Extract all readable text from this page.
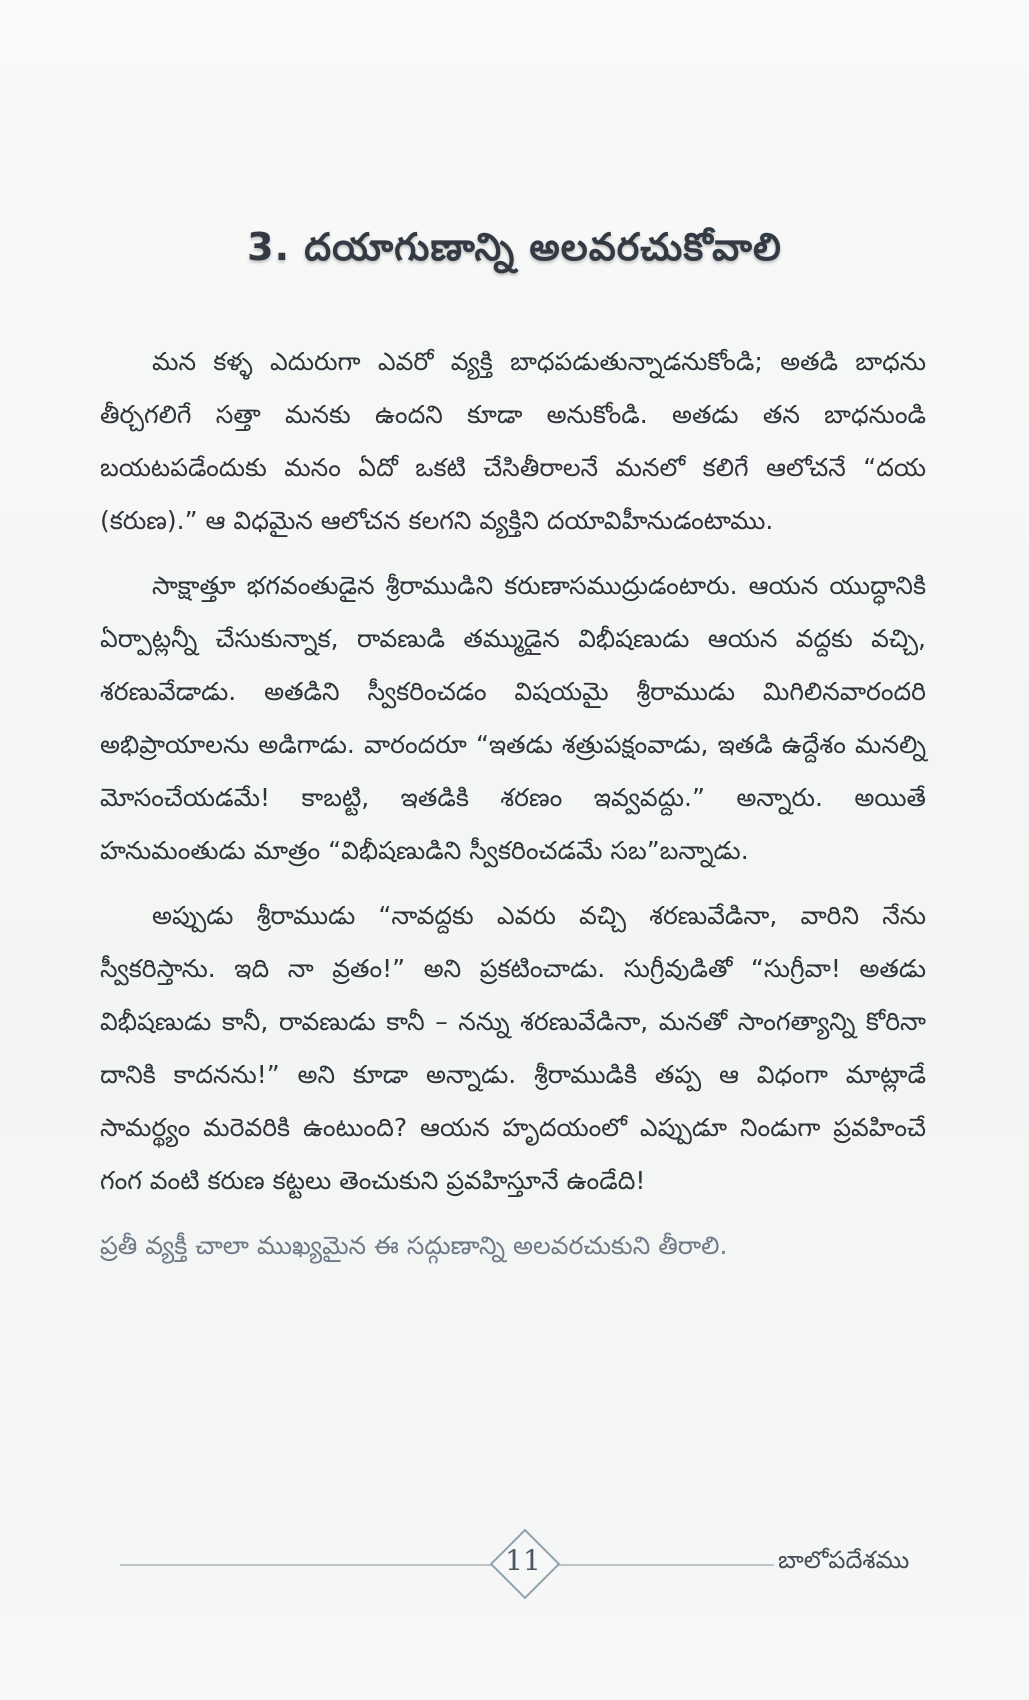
3. దయాగుణాన్ని అలవరచుకోవాలి

మన కళ్ళ ఎదురుగా ఎవరో వ్యక్తి బాధపడుతున్నాడనుకోండి; అతడి బాధను తీర్చగలిగే సత్తా మనకు ఉందని కూడా అనుకోండి. అతడు తన బాధనుండి బయటపడేందుకు మనం ఏదో ఒకటి చేసితీరాలనే మనలో కలిగే ఆలోచనే “దయ (కరుణ).” ఆ విధమైన ఆలోచన కలగని వ్యక్తిని దయావిహీనుడంటాము.

సాక్షాత్తూ భగవంతుడైన శ్రీరాముడిని కరుణాసముద్రుడంటారు. ఆయన యుద్ధానికి ఏర్పాట్లన్నీ చేసుకున్నాక, రావణుడి తమ్ముడైన విభీషణుడు ఆయన వద్దకు వచ్చి, శరణువేడాడు. అతడిని స్వీకరించడం విషయమై శ్రీరాముడు మిగిలినవారందరి అభిప్రాయాలను అడిగాడు. వారందరూ “ఇతడు శత్రుపక్షంవాడు, ఇతడి ఉద్దేశం మనల్ని మోసంచేయడమే! కాబట్టి, ఇతడికి శరణం ఇవ్వవద్దు.” అన్నారు. అయితే హనుమంతుడు మాత్రం “విభీషణుడిని స్వీకరించడమే సబ”బన్నాడు.

అప్పుడు శ్రీరాముడు “నావద్దకు ఎవరు వచ్చి శరణువేడినా, వారిని నేను స్వీకరిస్తాను. ఇది నా వ్రతం!” అని ప్రకటించాడు. సుగ్రీవుడితో “సుగ్రీవా! అతడు విభీషణుడు కానీ, రావణుడు కానీ – నన్ను శరణువేడినా, మనతో సాంగత్యాన్ని కోరినా దానికి కాదనను!” అని కూడా అన్నాడు. శ్రీరాముడికి తప్ప ఆ విధంగా మాట్లాడే సామర్థ్యం మరెవరికి ఉంటుంది? ఆయన హృదయంలో ఎప్పుడూ నిండుగా ప్రవహించే గంగ వంటి కరుణ కట్టలు తెంచుకుని ప్రవహిస్తూనే ఉండేది!

ప్రతీ వ్యక్తీ చాలా ముఖ్యమైన ఈ సద్గుణాన్ని అలవరచుకుని తీరాలి.

11	బాలోపదేశము
